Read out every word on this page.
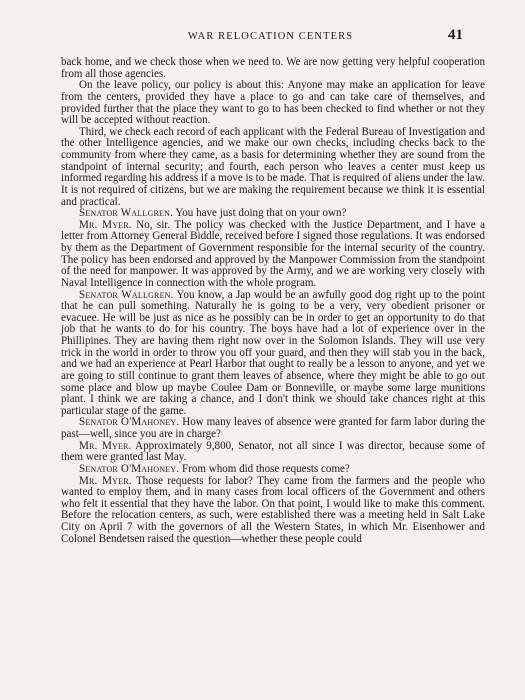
WAR RELOCATION CENTERS	41

back home, and we check those when we need to. We are now getting very helpful cooperation from all those agencies.

On the leave policy, our policy is about this: Anyone may make an application for leave from the centers, provided they have a place to go and can take care of themselves, and provided further that the place they want to go to has been checked to find whether or not they will be accepted without reaction.

Third, we check each record of each applicant with the Federal Bureau of Investigation and the other Intelligence agencies, and we make our own checks, including checks back to the community from where they came, as a basis for determining whether they are sound from the standpoint of internal security; and fourth, each person who leaves a center must keep us informed regarding his address if a move is to be made. That is required of aliens under the law. It is not required of citizens, but we are making the requirement because we think it is essential and practical.

Senator Wallgren. You have just doing that on your own?

Mr. Myer. No, sir. The policy was checked with the Justice Department, and I have a letter from Attorney General Biddle, received before I signed those regulations. It was endorsed by them as the Department of Government responsible for the internal security of the country. The policy has been endorsed and approved by the Manpower Commission from the standpoint of the need for manpower. It was approved by the Army, and we are working very closely with Naval Intelligence in connection with the whole program.

Senator Wallgren. You know, a Jap would be an awfully good dog right up to the point that he can pull something. Naturally he is going to be a very, very obedient prisoner or evacuee. He will be just as nice as he possibly can be in order to get an opportunity to do that job that he wants to do for his country. The boys have had a lot of experience over in the Phillipines. They are having them right now over in the Solomon Islands. They will use very trick in the world in order to throw you off your guard, and then they will stab you in the back, and we had an experience at Pearl Harbor that ought to really be a lesson to anyone, and yet we are going to still continue to grant them leaves of absence, where they might be able to go out some place and blow up maybe Coulee Dam or Bonneville, or maybe some large munitions plant. I think we are taking a chance, and I don't think we should take chances right at this particular stage of the game.

Senator O'Mahoney. How many leaves of absence were granted for farm labor during the past—well, since you are in charge?

Mr. Myer. Approximately 9,800, Senator, not all since I was director, because some of them were granted last May.

Senator O'Mahoney. From whom did those requests come?

Mr. Myer. Those requests for labor? They came from the farmers and the people who wanted to employ them, and in many cases from local officers of the Government and others who felt it essential that they have the labor. On that point, I would like to make this comment. Before the relocation centers, as such, were established there was a meeting held in Salt Lake City on April 7 with the governors of all the Western States, in which Mr. Eisenhower and Colonel Bendetsen raised the question—whether these people could
